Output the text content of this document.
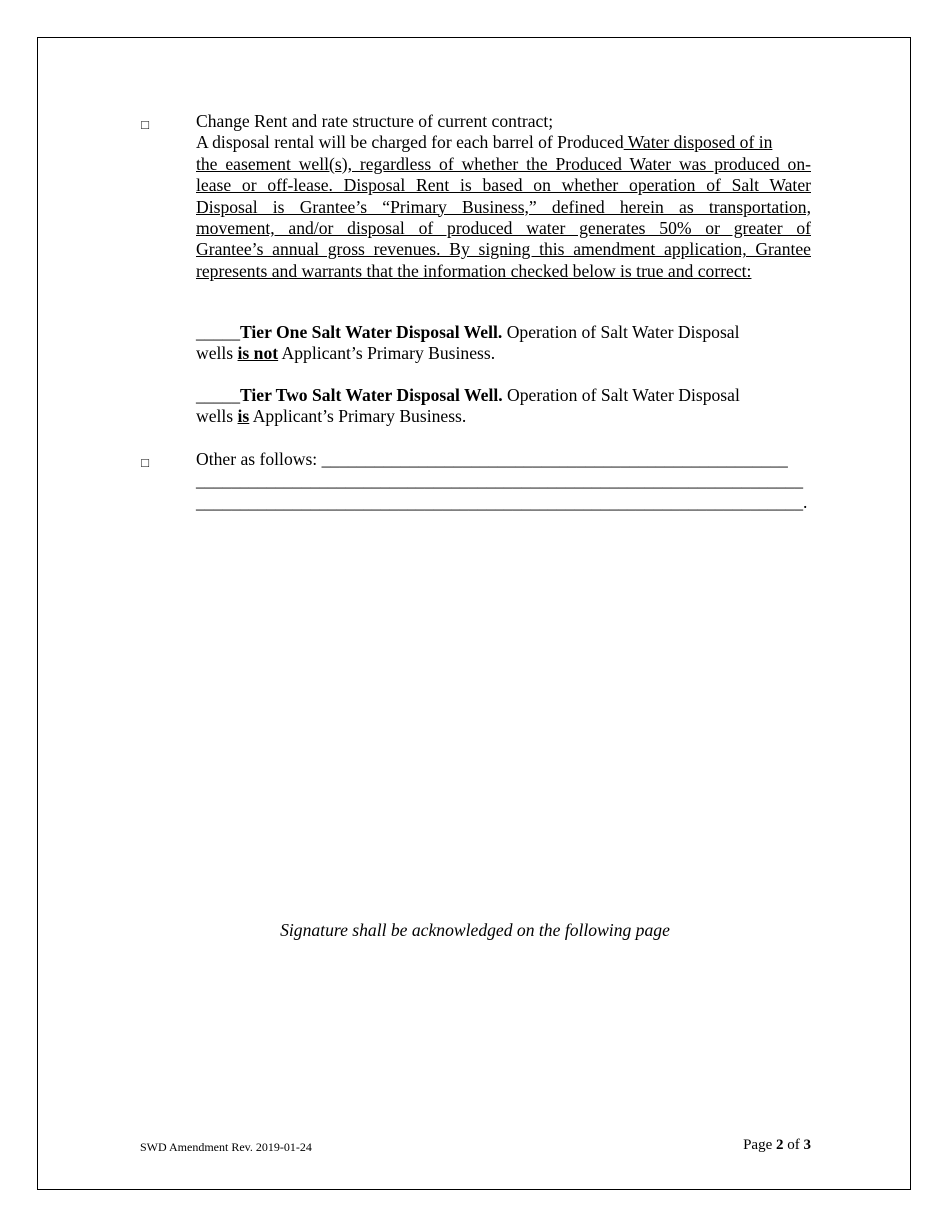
□	Change Rent and rate structure of current contract;
A disposal rental will be charged for each barrel of Produced Water disposed of in
the easement well(s), regardless of whether the Produced Water was produced on-
lease or off-lease. Disposal Rent is based on whether operation of Salt Water
Disposal is Grantee’s “Primary Business,” defined herein as transportation,
movement, and/or disposal of produced water generates 50% or greater of
Grantee’s annual gross revenues. By signing this amendment application, Grantee
represents and warrants that the information checked below is true and correct:
_____Tier One Salt Water Disposal Well. Operation of Salt Water Disposal
wells is not Applicant’s Primary Business.
_____Tier Two Salt Water Disposal Well. Operation of Salt Water Disposal
wells is Applicant’s Primary Business.
□	Other as follows: _____________________________________________________
_____________________________________________________________________
_____________________________________________________________________.
Signature shall be acknowledged on the following page
SWD Amendment Rev. 2019-01-24	Page 2 of 3
